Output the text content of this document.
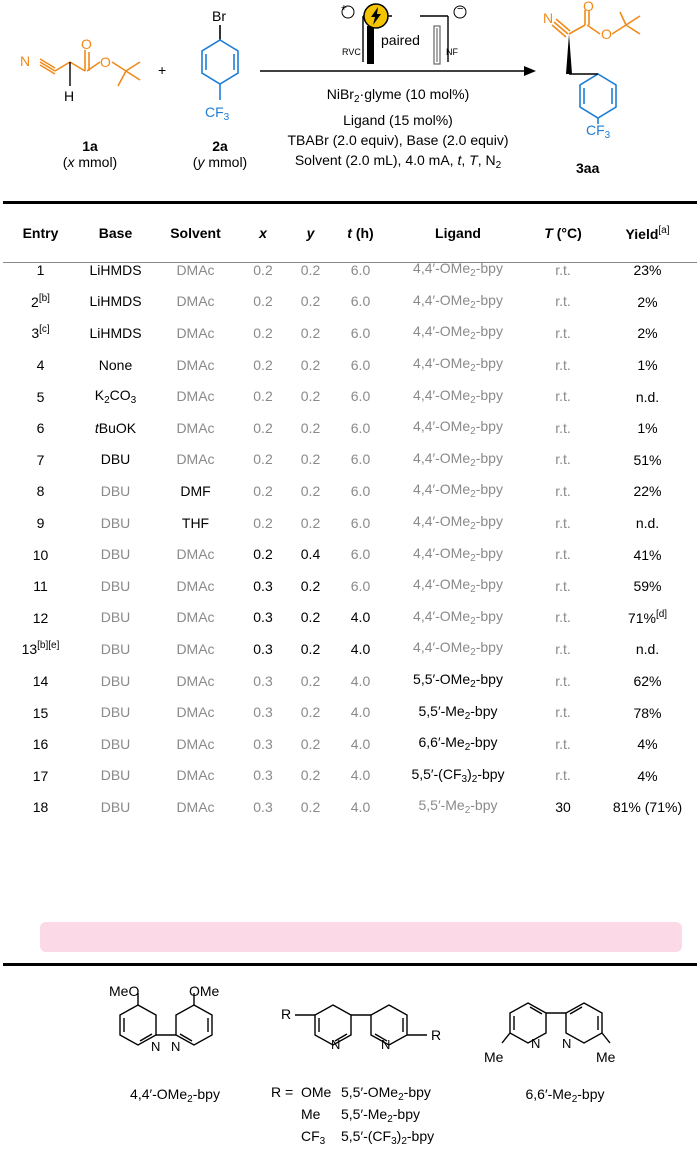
N
O
O
H
1a
(x mmol)
+
Br
$CF_3$
2a
(y mmol)
+	−
paired
RVC	NF
NiBr$_2$·glyme (10 mol%)
Ligand (15 mol%)
TBABr (2.0 equiv), Base (2.0 equiv)
Solvent (2.0 mL), 4.0 mA, t, T, $N_2$
N
O
O
$CF_3$
3aa
Entry	Base	Solvent	x	y	t (h)	Ligand	T (°C)	Yield[a]
1	LiHMDS	DMAc	0.2	0.2	6.0	4,4′-OMe$_2$-bpy	r.t.	23%
2[b]	LiHMDS	DMAc	0.2	0.2	6.0	4,4′-OMe$_2$-bpy	r.t.	2%
3[c]	LiHMDS	DMAc	0.2	0.2	6.0	4,4′-OMe$_2$-bpy	r.t.	2%
4	None	DMAc	0.2	0.2	6.0	4,4′-OMe$_2$-bpy	r.t.	1%
5	$K_2CO_3$	DMAc	0.2	0.2	6.0	4,4′-OMe$_2$-bpy	r.t.	n.d.
6	tBuOK	DMAc	0.2	0.2	6.0	4,4′-OMe$_2$-bpy	r.t.	1%
7	DBU	DMAc	0.2	0.2	6.0	4,4′-OMe$_2$-bpy	r.t.	51%
8	DBU	DMF	0.2	0.2	6.0	4,4′-OMe$_2$-bpy	r.t.	22%
9	DBU	THF	0.2	0.2	6.0	4,4′-OMe$_2$-bpy	r.t.	n.d.
10	DBU	DMAc	0.2	0.4	6.0	4,4′-OMe$_2$-bpy	r.t.	41%
11	DBU	DMAc	0.3	0.2	6.0	4,4′-OMe$_2$-bpy	r.t.	59%
12	DBU	DMAc	0.3	0.2	4.0	4,4′-OMe$_2$-bpy	r.t.	71%[d]
13[b][e]	DBU	DMAc	0.3	0.2	4.0	4,4′-OMe$_2$-bpy	r.t.	n.d.
14	DBU	DMAc	0.3	0.2	4.0	5,5′-OMe$_2$-bpy	r.t.	62%
15	DBU	DMAc	0.3	0.2	4.0	$5,5'-Me_2$-bpy	r.t.	78%
16	DBU	DMAc	0.3	0.2	4.0	$6,6'-Me_2$-bpy	r.t.	4%
17	DBU	DMAc	0.3	0.2	4.0	$5,5'-(CF_3)_2$-bpy	r.t.	4%
18	DBU	DMAc	0.3	0.2	4.0	$5,5'-Me_2$-bpy	30	81% (71%)
MeO	OMe
N N
4,4′-OMe$_2$-bpy
R
R
N	N
R = OMe 5,5′-OMe$_2$-bpy
Me	$5,5'-Me_2$-bpy
$CF_3$	$5,5'-(CF_3)_2$-bpy
N N
Me	Me
$6,6'-Me_2$-bpy
